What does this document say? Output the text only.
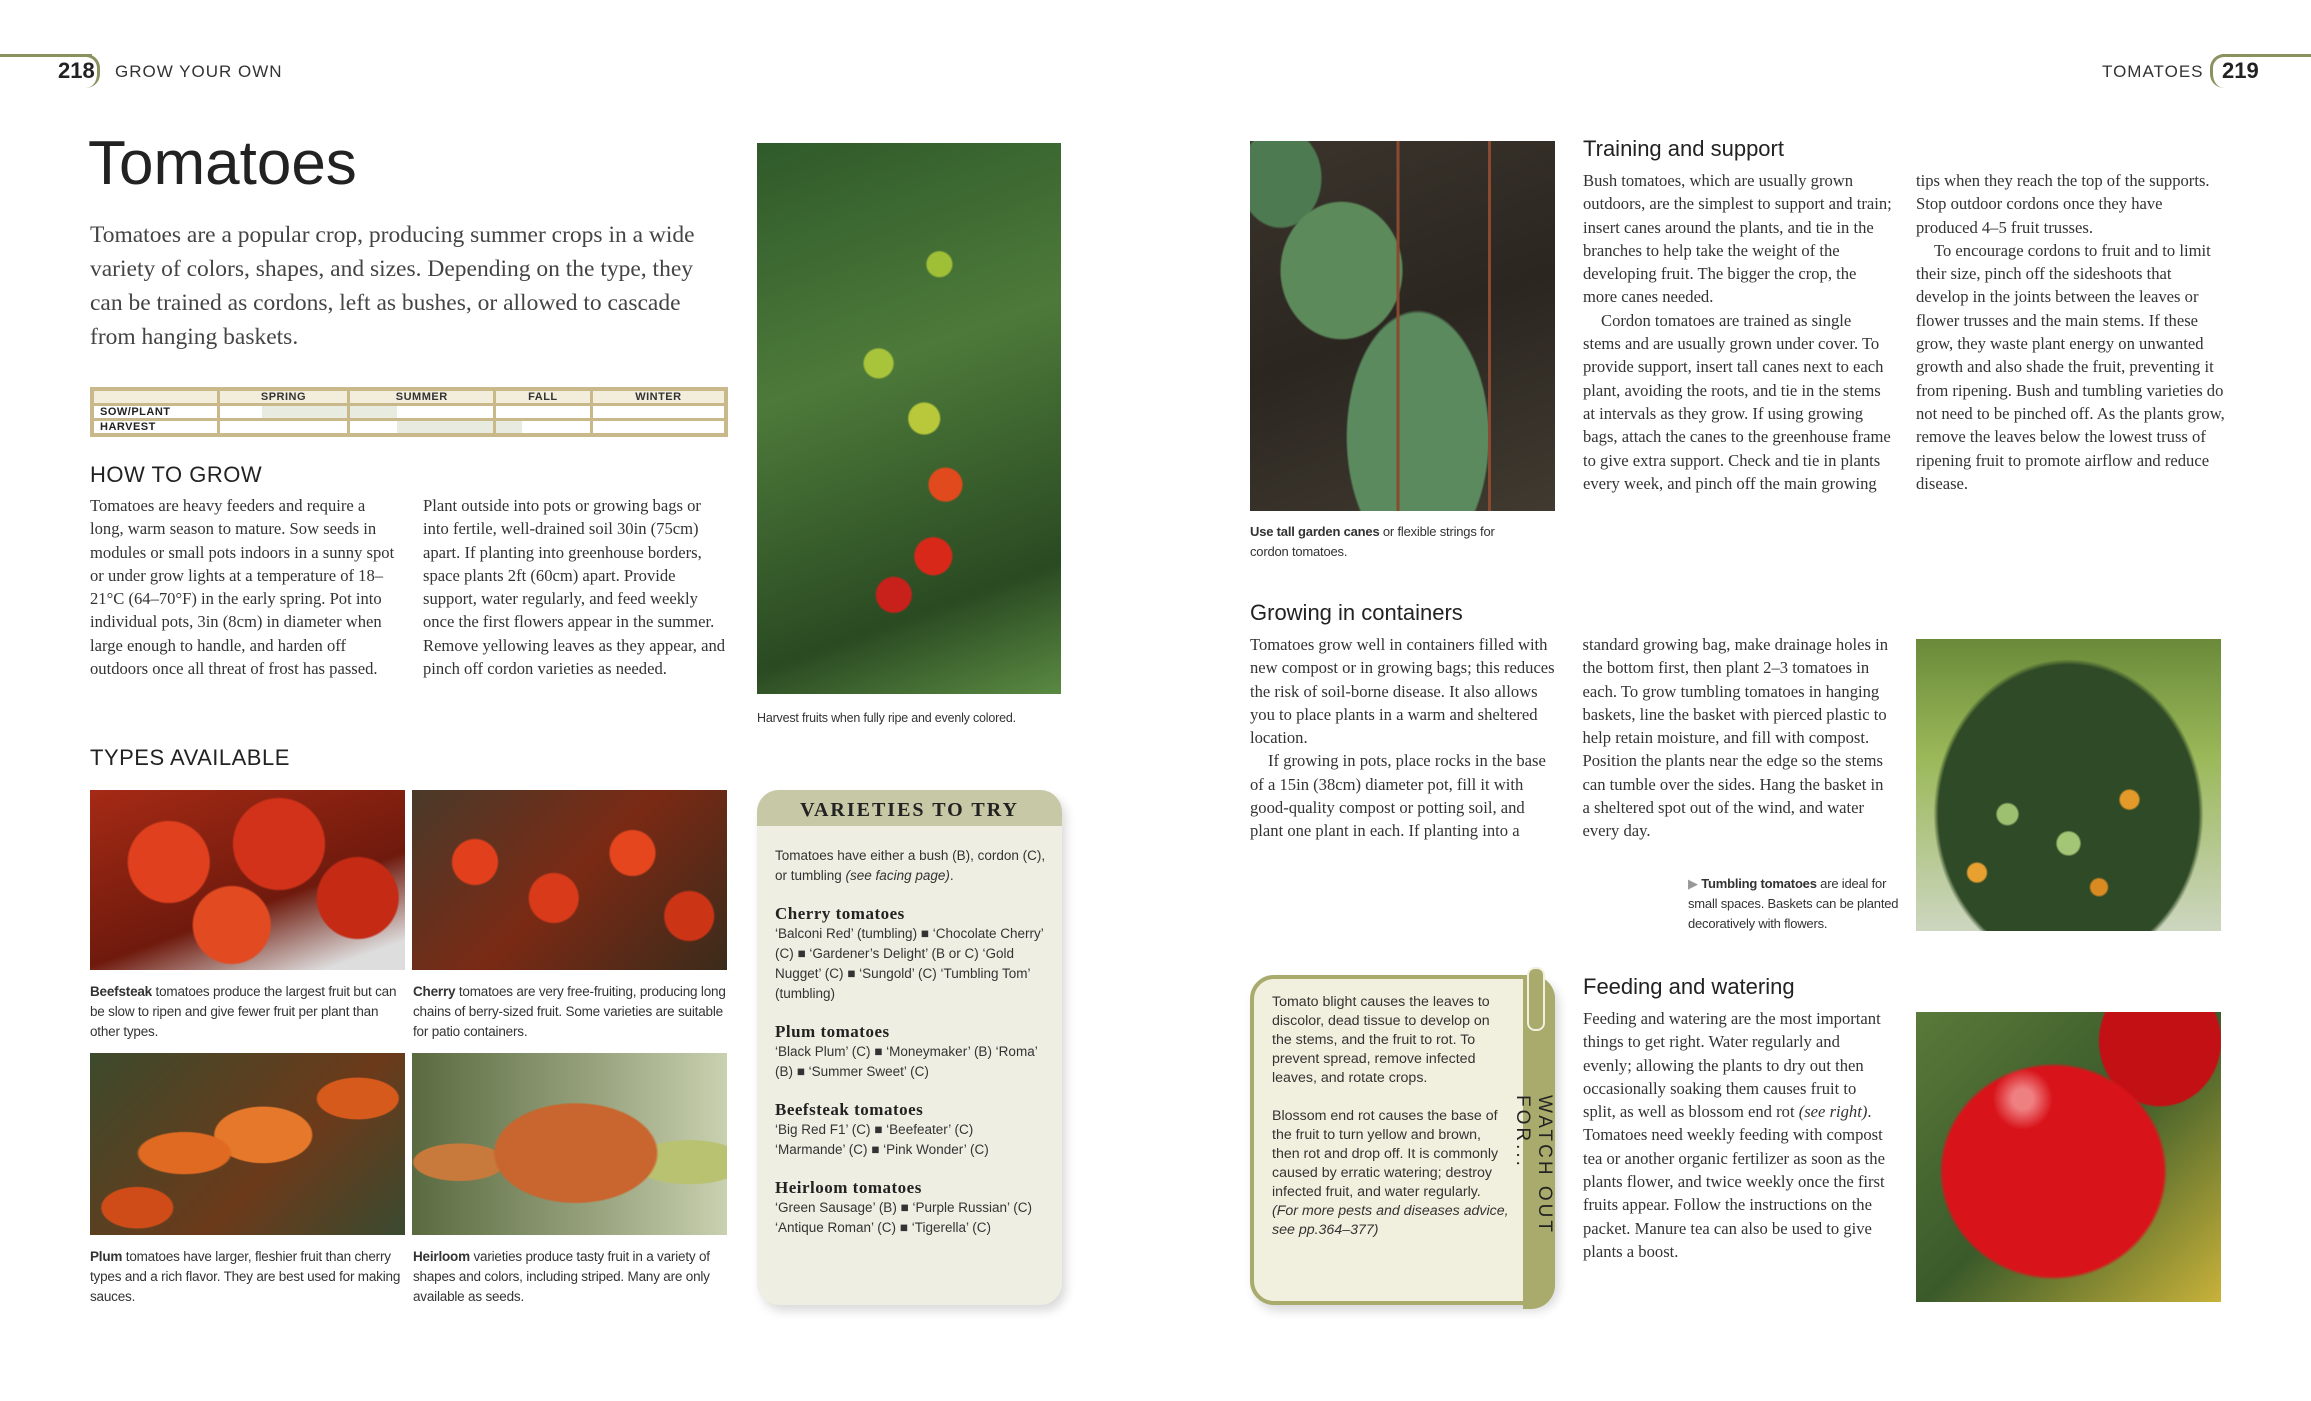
218 GROW YOUR OWN	TOMATOES 219
Tomatoes
Tomatoes are a popular crop, producing summer crops in a wide variety of colors, shapes, and sizes. Depending on the type, they can be trained as cordons, left as bushes, or allowed to cascade from hanging baskets.
	SPRING	SUMMER	FALL	WINTER
SOW/PLANT	

HARVEST		

HOW TO GROW
Tomatoes are heavy feeders and require a long, warm season to mature. Sow seeds in modules or small pots indoors in a sunny spot or under grow lights at a temperature of 18–21°C (64–70°F) in the early spring. Pot into individual pots, 3in (8cm) in diameter when large enough to handle, and harden off outdoors once all threat of frost has passed.
Plant outside into pots or growing bags or into fertile, well-drained soil 30in (75cm) apart. If planting into greenhouse borders, space plants 2ft (60cm) apart. Provide support, water regularly, and feed weekly once the first flowers appear in the summer. Remove yellowing leaves as they appear, and pinch off cordon varieties as needed.
TYPES AVAILABLE
Beefsteak tomatoes produce the largest fruit but can be slow to ripen and give fewer fruit per plant than other types.
Cherry tomatoes are very free-fruiting, producing long chains of berry-sized fruit. Some varieties are suitable for patio containers.
Plum tomatoes have larger, fleshier fruit than cherry types and a rich flavor. They are best used for making sauces.
Heirloom varieties produce tasty fruit in a variety of shapes and colors, including striped. Many are only available as seeds.
Harvest fruits when fully ripe and evenly colored.
VARIETIES TO TRY

Tomatoes have either a bush (B), cordon (C), or tumbling (see facing page).

Cherry tomatoes

‘Balconi Red’ (tumbling) ■ ‘Chocolate Cherry’ (C) ■ ‘Gardener’s Delight’ (B or C) ‘Gold Nugget’ (C) ■ ‘Sungold’ (C) ‘Tumbling Tom’ (tumbling)

Plum tomatoes

‘Black Plum’ (C) ■ ‘Moneymaker’ (B) ‘Roma’ (B) ■ ‘Summer Sweet’ (C)

Beefsteak tomatoes

‘Big Red F1’ (C) ■ ‘Beefeater’ (C) ‘Marmande’ (C) ■ ‘Pink Wonder’ (C)

Heirloom tomatoes

‘Green Sausage’ (B) ■ ‘Purple Russian’ (C) ‘Antique Roman’ (C) ■ ‘Tigerella’ (C)

Use tall garden canes or flexible strings for cordon tomatoes.
Training and support

Bush tomatoes, which are usually grown outdoors, are the simplest to support and train; insert canes around the plants, and tie in the branches to help take the weight of the developing fruit. The bigger the crop, the more canes needed.

Cordon tomatoes are trained as single stems and are usually grown under cover. To provide support, insert tall canes next to each plant, avoiding the roots, and tie in the stems at intervals as they grow. If using growing bags, attach the canes to the greenhouse frame to give extra support. Check and tie in plants every week, and pinch off the main growing tips when they reach the top of the supports. Stop outdoor cordons once they have produced 4–5 fruit trusses.

To encourage cordons to fruit and to limit their size, pinch off the sideshoots that develop in the joints between the leaves or flower trusses and the main stems. If these grow, they waste plant energy on unwanted growth and also shade the fruit, preventing it from ripening. Bush and tumbling varieties do not need to be pinched off. As the plants grow, remove the leaves below the lowest truss of ripening fruit to promote airflow and reduce disease.

Growing in containers

Tomatoes grow well in containers filled with new compost or in growing bags; this reduces the risk of soil-borne disease. It also allows you to place plants in a warm and sheltered location.

If growing in pots, place rocks in the base of a 15in (38cm) diameter pot, fill it with good-quality compost or potting soil, and plant one plant in each. If planting into a standard growing bag, make drainage holes in the bottom first, then plant 2–3 tomatoes in each. To grow tumbling tomatoes in hanging baskets, line the basket with pierced plastic to help retain moisture, and fill with compost. Position the plants near the edge so the stems can tumble over the sides. Hang the basket in a sheltered spot out of the wind, and water every day.

▶ Tumbling tomatoes are ideal for small spaces. Baskets can be planted decoratively with flowers.
WATCH OUT FOR...

Tomato blight causes the leaves to discolor, dead tissue to develop on the stems, and the fruit to rot. To prevent spread, remove infected leaves, and rotate crops.

Blossom end rot causes the base of the fruit to turn yellow and brown, then rot and drop off. It is commonly caused by erratic watering; destroy infected fruit, and water regularly.

(For more pests and diseases advice, see pp.364–377)

Feeding and watering
Feeding and watering are the most important things to get right. Water regularly and evenly; allowing the plants to dry out then occasionally soaking them causes fruit to split, as well as blossom end rot (see right). Tomatoes need weekly feeding with compost tea or another organic fertilizer as soon as the plants flower, and twice weekly once the first fruits appear. Follow the instructions on the packet. Manure tea can also be used to give plants a boost.
